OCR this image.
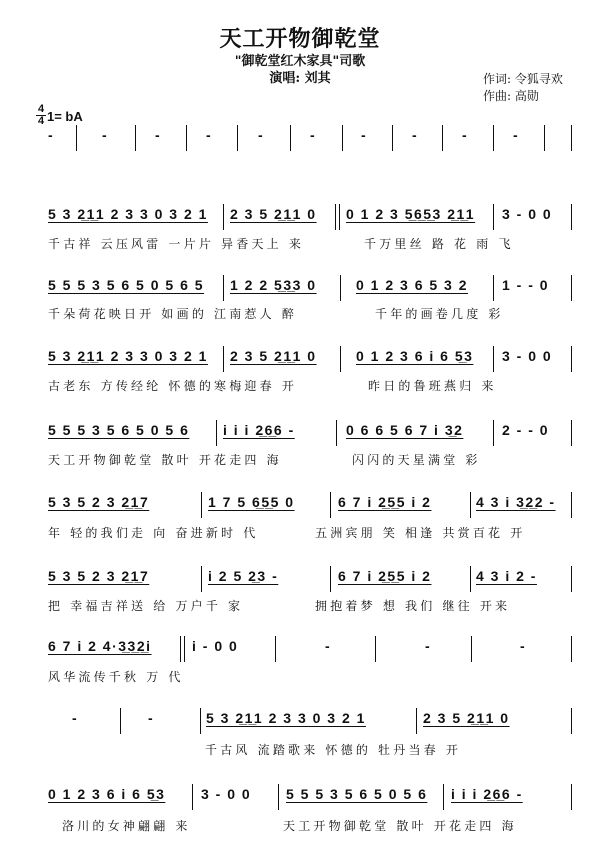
天工开物御乾堂
"御乾堂红木家具"司歌
演唱: 刘其	作词: 令狐寻欢
作曲: 高勋
$\frac{4}{4} 1=$ bA
-	-	-	-	-	-	-	-	-	-
5 3 2̲1̲1 2 3 3 0 3 2 1 2 3 5 2̲1̲1 0 0 1 2 3 5̲6̲5̲3 2̲1̲1 3 - 0 0
千古祥 云压风雷 一片片 异香天上 来	千万里丝 路 花 雨 飞
5 5 5 3 5 6 5 0 5 6 5 1 2 2 5̲3̲3 0	0 1 2 3 6 5 3 2 1 - - 0
千朵荷花映日开 如画的 江南惹人 醉	千年的画卷几度 彩
5 3 2̲1̲1 2 3 3 0 3 2 1 2 3 5 2̲1̲1 0	0 1 2 3 6 i 6 5̲3 3 - 0 0
古老东 方传经纶 怀德的寒梅迎春 开	昨日的鲁班燕归 来
5 5 5 3 5 6 5 0 5 6 i i i 2̲6̲6 -	0 6 6 5 6 7 i 3̲2	2 - - 0
天工开物御乾堂 散叶 开花走四 海	闪闪的天星满堂 彩
5 3 5 2 3 2̲1̲7	1 7 5 6̲5̲5 0	6 7 i 2̲5̲5 i 2	4 3 i 3̲2̲2 -
年 轻的我们走 向 奋进新时 代	五洲宾朋 笑 相逢 共赏百花 开
5 3 5 2 3 2̲1̲7	i 2 5 2̲3 -	6 7 i 2̲5̲5 i 2	4 3 i 2 -
把 幸福吉祥送 给 万户千 家	拥抱着梦 想 我们 继往 开来
6 7 i 2 4·3̲3̲2̲i	i - 0 0	-	-	-
风华流传千秋 万 代
-	-	5 3 2̲1̲1 2 3 3 0 3 2 1	2 3 5 2̲1̲1 0
千古风 流踏歌来 怀德的 牡丹当春 开
0 1 2 3 6 i 6 5̲3	3 - 0 0 5 5 5 3 5 6 5 0 5 6 i i i 2̲6̲6 -
洛川的女神翩翩 来	天工开物御乾堂 散叶 开花走四 海
